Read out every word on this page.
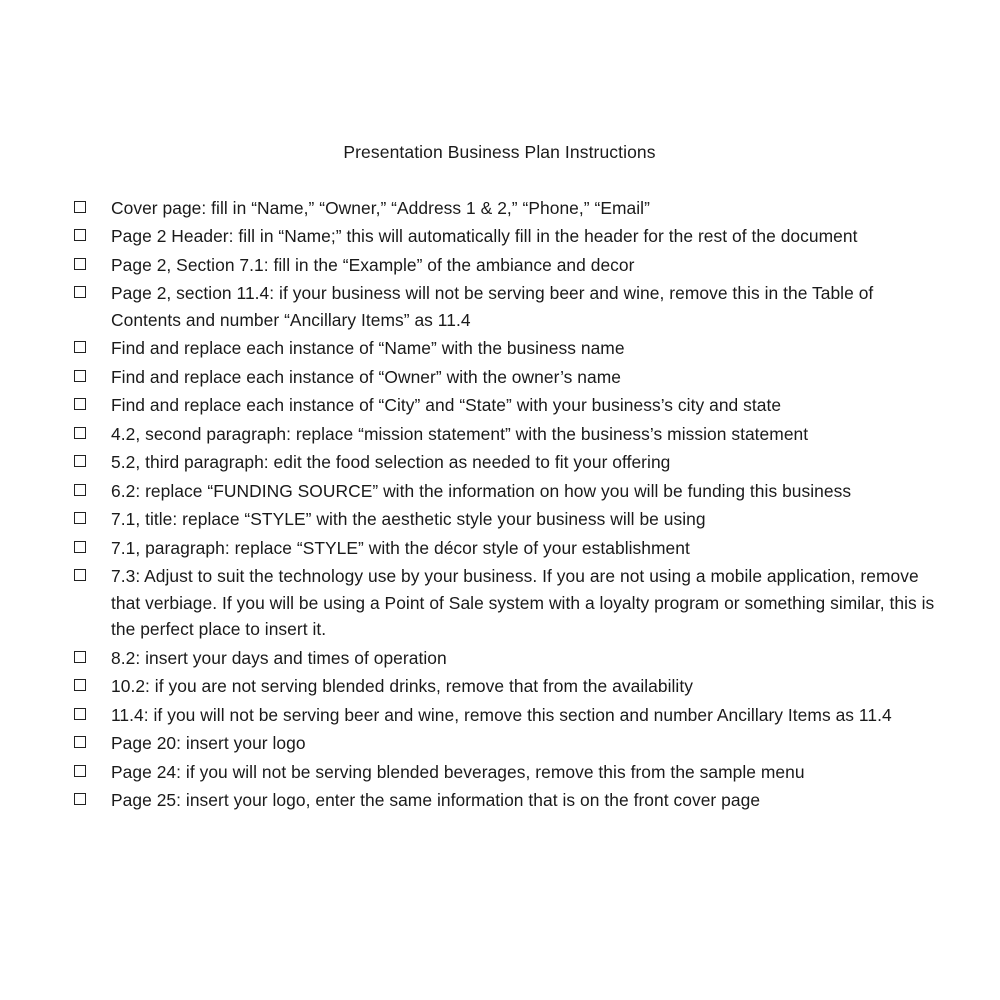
Presentation Business Plan Instructions
Cover page: fill in “Name,” “Owner,” “Address 1 & 2,” “Phone,” “Email”
Page 2 Header: fill in “Name;” this will automatically fill in the header for the rest of the document
Page 2, Section 7.1: fill in the “Example” of the ambiance and decor
Page 2, section 11.4: if your business will not be serving beer and wine, remove this in the Table of Contents and number “Ancillary Items” as 11.4
Find and replace each instance of “Name” with the business name
Find and replace each instance of “Owner” with the owner’s name
Find and replace each instance of “City” and “State” with your business’s city and state
4.2, second paragraph: replace “mission statement” with the business’s mission statement
5.2, third paragraph: edit the food selection as needed to fit your offering
6.2: replace “FUNDING SOURCE” with the information on how you will be funding this business
7.1, title: replace “STYLE” with the aesthetic style your business will be using
7.1, paragraph: replace “STYLE” with the décor style of your establishment
7.3: Adjust to suit the technology use by your business. If you are not using a mobile application, remove that verbiage. If you will be using a Point of Sale system with a loyalty program or something similar, this is the perfect place to insert it.
8.2: insert your days and times of operation
10.2: if you are not serving blended drinks, remove that from the availability
11.4: if you will not be serving beer and wine, remove this section and number Ancillary Items as 11.4
Page 20: insert your logo
Page 24: if you will not be serving blended beverages, remove this from the sample menu
Page 25: insert your logo, enter the same information that is on the front cover page
